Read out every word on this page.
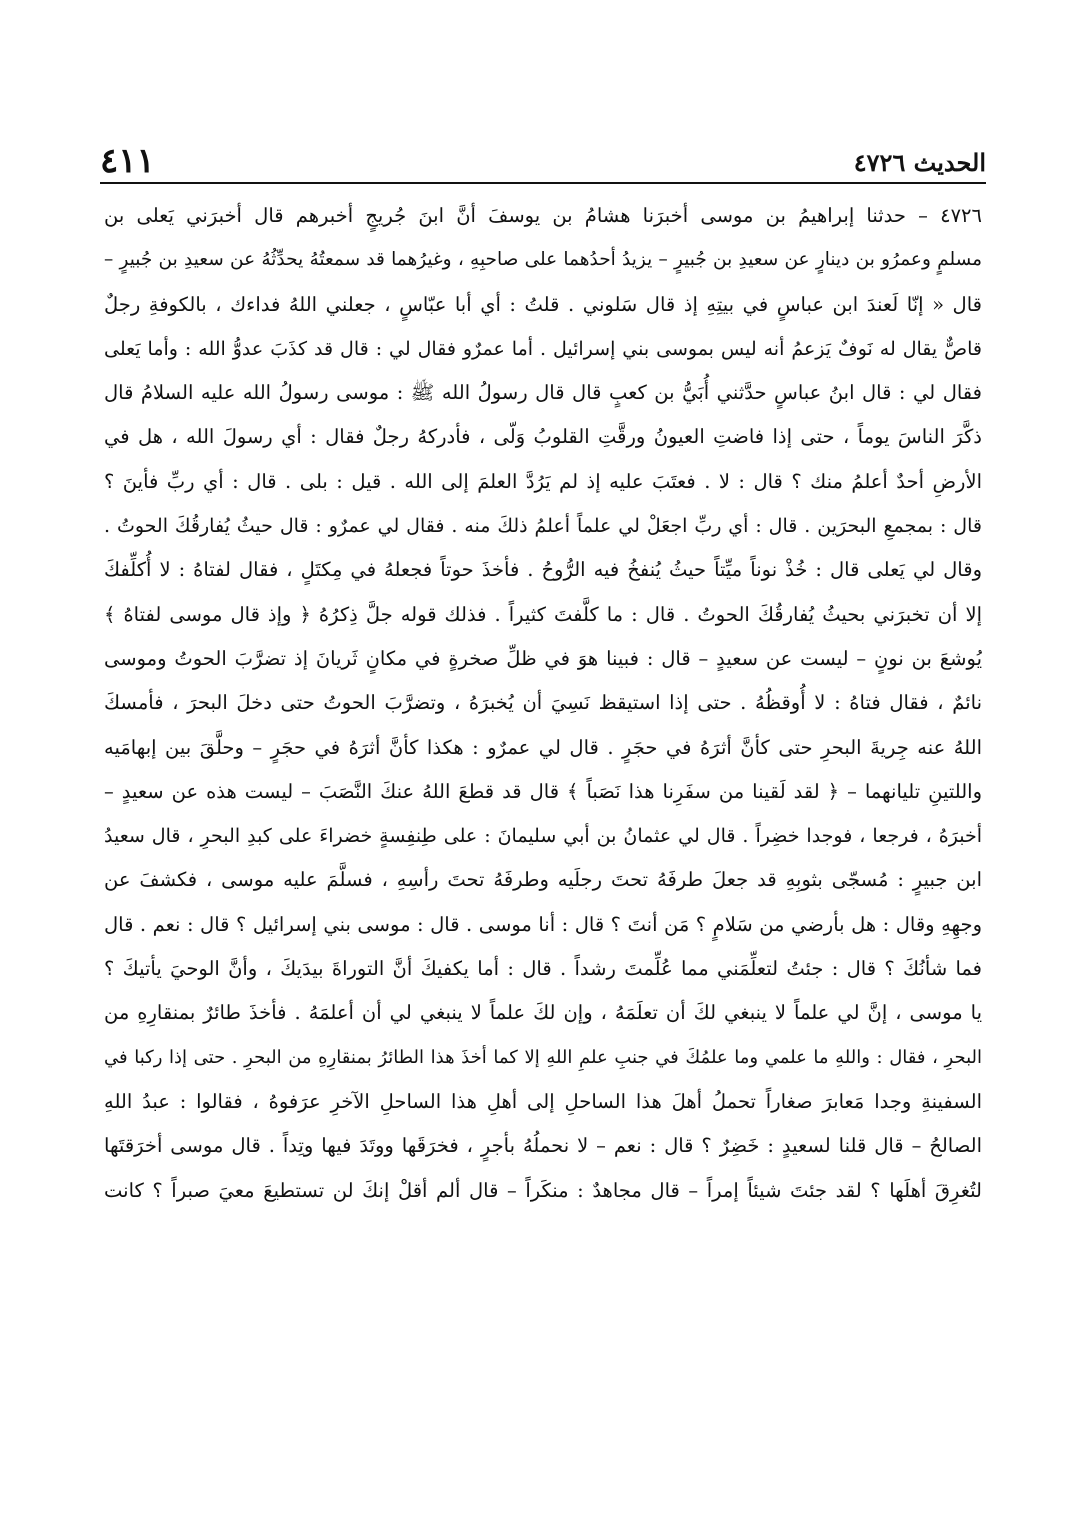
الحديث ٤٧٢٦
٤١١
٤٧٢٦ – حدثنا إبراهيمُ بن موسى أخبرَنا هشامُ بن يوسفَ أنَّ ابنَ جُريجٍ أخبرهم قال أخبرَني يَعلى بن
مسلمٍ وعمرُو بن دينارٍ عن سعيدِ بن جُبيرٍ – يزيدُ أحدُهما على صاحبِهِ ، وغيرُهما قد سمعتُهُ يحدِّثُهُ عن سعيدِ بن جُبيرٍ –
قال « إنّا لَعندَ ابن عباسٍ في بيتِهِ إذ قال سَلوني . قلتُ : أي أبا عبّاسٍ ، جعلني اللهُ فداءك ، بالكوفةِ رجلٌ
قاصٌّ يقال له نَوفٌ يَزعمُ أنه ليس بموسى بني إسرائيل . أما عمرٌو فقال لي : قال قد كذَبَ عدوُّ الله : وأما يَعلى
فقال لي : قال ابنُ عباسٍ حدَّثني أُبَيُّ بن كعبٍ قال قال رسولُ الله ﷺ : موسى رسولُ الله عليه السلامُ قال
ذكَّرَ الناسَ يوماً ، حتى إذا فاضتِ العيونُ ورقَّتِ القلوبُ وَلّى ، فأدركهُ رجلٌ فقال : أي رسولَ الله ، هل في
الأرضِ أحدٌ أعلمُ منك ؟ قال : لا . فعتَبَ عليه إذ لم يَرُدَّ العلمَ إلى الله . قيل : بلى . قال : أي ربِّ فأينَ ؟
قال : بمجمعِ البحرَين . قال : أي ربِّ اجعَلْ لي علماً أعلمُ ذلكَ منه . فقال لي عمرٌو : قال حيثُ يُفارقُكَ الحوتُ .
وقال لي يَعلى قال : خُذْ نوناً ميِّتاً حيثُ يُنفخُ فيه الرُّوحُ . فأخذَ حوتاً فجعلهُ في مِكتَلٍ ، فقال لفتاهُ : لا أُكلِّفكَ
إلا أن تخبرَني بحيثُ يُفارقُكَ الحوتُ . قال : ما كلَّفتَ كثيراً . فذلك قوله جلَّ ذِكرُهُ ﴿ وإذ قال موسى لفتاهُ ﴾
يُوشعَ بن نونٍ – ليست عن سعيدٍ – قال : فبينا هوَ في ظلِّ صخرةٍ في مكانٍ ثَريانَ إذ تضرَّبَ الحوتُ وموسى
نائمٌ ، فقال فتاهُ : لا أُوقظُهُ . حتى إذا استيقظ نَسِيَ أن يُخبرَهُ ، وتضرَّبَ الحوتُ حتى دخلَ البحرَ ، فأمسكَ
اللهُ عنه جِريةَ البحرِ حتى كأنَّ أثرَهُ في حجَرٍ . قال لي عمرٌو : هكذا كأنَّ أثرَهُ في حجَرٍ – وحلَّقَ بين إبهامَيه
واللتينِ تليانهما – ﴿ لقد لَقينا من سفَرِنا هذا نَصَباً ﴾ قال قد قطعَ اللهُ عنكَ النَّصَبَ – ليست هذه عن سعيدٍ –
أخبرَهُ ، فرجعا ، فوجدا خضِراً . قال لي عثمانُ بن أبي سليمانَ : على طِنفِسةٍ خضراءَ على كبدِ البحرِ ، قال سعيدُ
ابن جبيرٍ : مُسجّى بثوبِهِ قد جعلَ طرفَهُ تحتَ رجلَيه وطرفَهُ تحتَ رأسِهِ ، فسلَّمَ عليه موسى ، فكشفَ عن
وجهِهِ وقال : هل بأرضي من سَلامٍ ؟ مَن أنتَ ؟ قال : أنا موسى . قال : موسى بني إسرائيل ؟ قال : نعم . قال
فما شأنُكَ ؟ قال : جئتُ لتعلِّمَني مما عُلِّمتَ رشداً . قال : أما يكفيكَ أنَّ التوراةَ بيدَيكَ ، وأنَّ الوحيَ يأتيكَ ؟
يا موسى ، إنَّ لي علماً لا ينبغي لكَ أن تعلَمَهُ ، وإن لكَ علماً لا ينبغي لي أن أعلمَهُ . فأخذَ طائرٌ بمنقارِهِ من
البحرِ ، فقال : واللهِ ما علمي وما علمُكَ في جنبِ علمِ اللهِ إلا كما أخذَ هذا الطائرُ بمنقارِهِ من البحرِ . حتى إذا ركبا في
السفينةِ وجدا مَعابرَ صغاراً تحملُ أهلَ هذا الساحلِ إلى أهلِ هذا الساحلِ الآخرِ عرَفوهُ ، فقالوا : عبدُ اللهِ
الصالحُ – قال قلنا لسعيدٍ : خَضِرٌ ؟ قال : نعم – لا نحملُهُ بأجرٍ ، فخرَقَها ووتَدَ فيها وتِداً . قال موسى أخرَقتَها
لتُغرِقَ أهلَها ؟ لقد جئتَ شيئاً إمراً – قال مجاهدٌ : منكَراً – قال ألم أقلْ إنكَ لن تستطيعَ معيَ صبراً ؟ كانت
